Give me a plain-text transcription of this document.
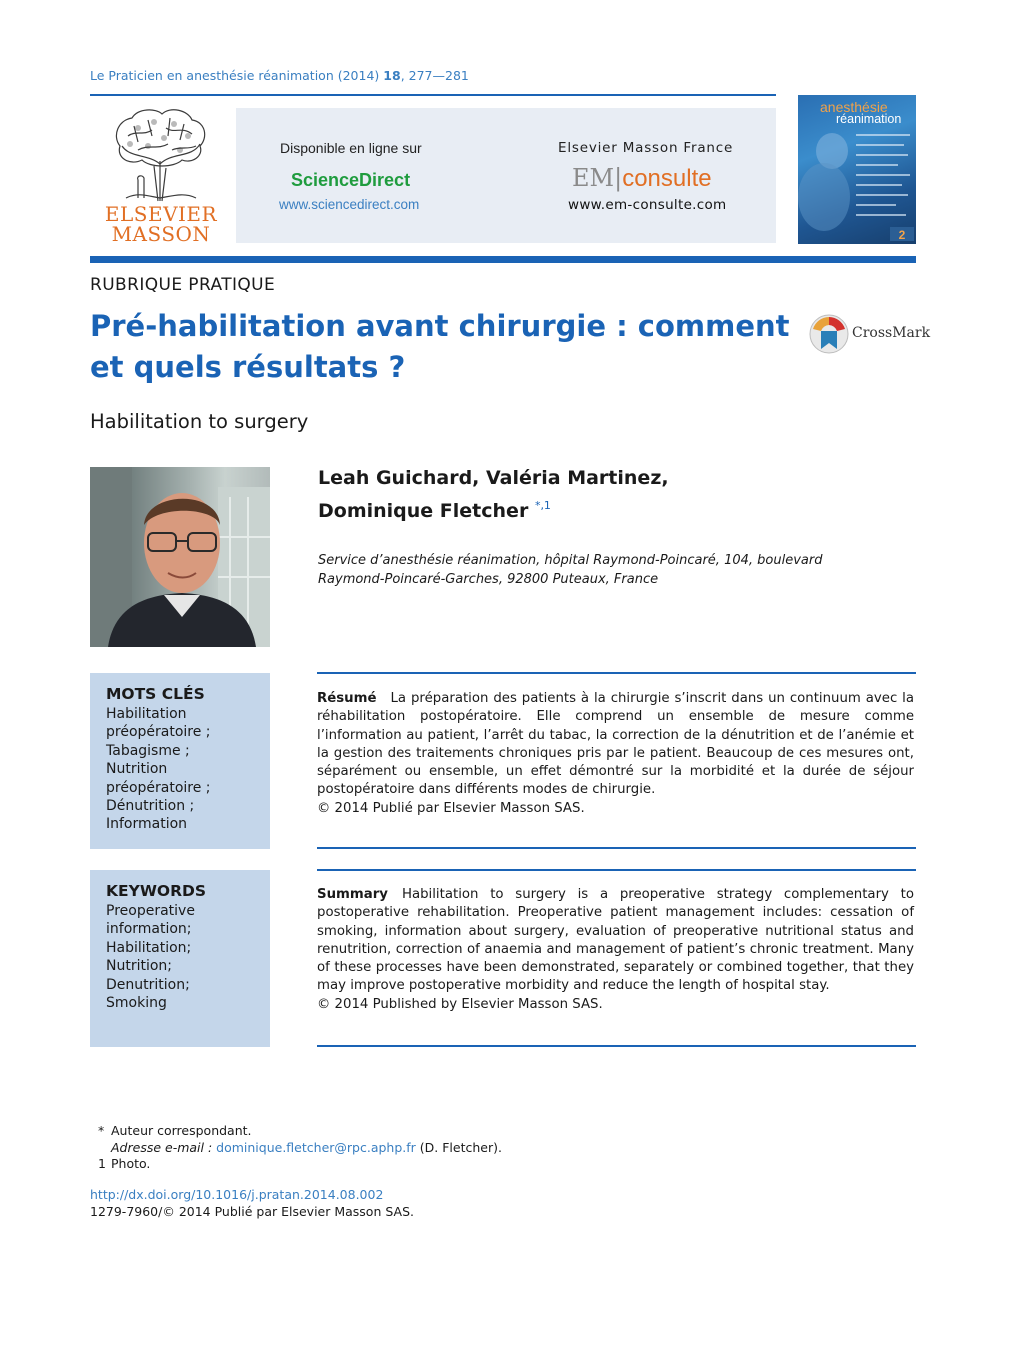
Le Praticien en anesthésie réanimation (2014) 18, 277—281
ELSEVIER
MASSON
Disponible en ligne sur
ScienceDirect
www.sciencedirect.com
Elsevier Masson France
EM|consulte
www.em-consulte.com
anesthésie
réanimation
2
RUBRIQUE PRATIQUE
Pré-habilitation avant chirurgie : comment
et quels résultats ?
CrossMark
Habilitation to surgery
Leah Guichard, Valéria Martinez,
Dominique Fletcher $^{*,1}$
Service d’anesthésie réanimation, hôpital Raymond-Poincaré, 104, boulevard
Raymond-Poincaré-Garches, 92800 Puteaux, France
MOTS CLÉS
Habilitation
préopératoire ;
Tabagisme ;
Nutrition
préopératoire ;
Dénutrition ;
Information
KEYWORDS
Preoperative
information;
Habilitation;
Nutrition;
Denutrition;
Smoking
Résumé La préparation des patients à la chirurgie s’inscrit dans un continuum avec la réhabilitation postopératoire. Elle comprend un ensemble de mesure comme l’information au patient, l’arrêt du tabac, la correction de la dénutrition et de l’anémie et la gestion des traitements chroniques pris par le patient. Beaucoup de ces mesures ont, séparément ou ensemble, un effet démontré sur la morbidité et la durée de séjour postopératoire dans différents modes de chirurgie.
© 2014 Publié par Elsevier Masson SAS.
Summary Habilitation to surgery is a preoperative strategy complementary to postoperative rehabilitation. Preoperative patient management includes: cessation of smoking, information about surgery, evaluation of preoperative nutritional status and renutrition, correction of anaemia and management of patient’s chronic treatment. Many of these processes have been demonstrated, separately or combined together, that they may improve postoperative morbidity and reduce the length of hospital stay.
© 2014 Published by Elsevier Masson SAS.
* Auteur correspondant.
Adresse e-mail : dominique.fletcher@rpc.aphp.fr (D. Fletcher).
1 Photo.
http://dx.doi.org/10.1016/j.pratan.2014.08.002
1279-7960/© 2014 Publié par Elsevier Masson SAS.
